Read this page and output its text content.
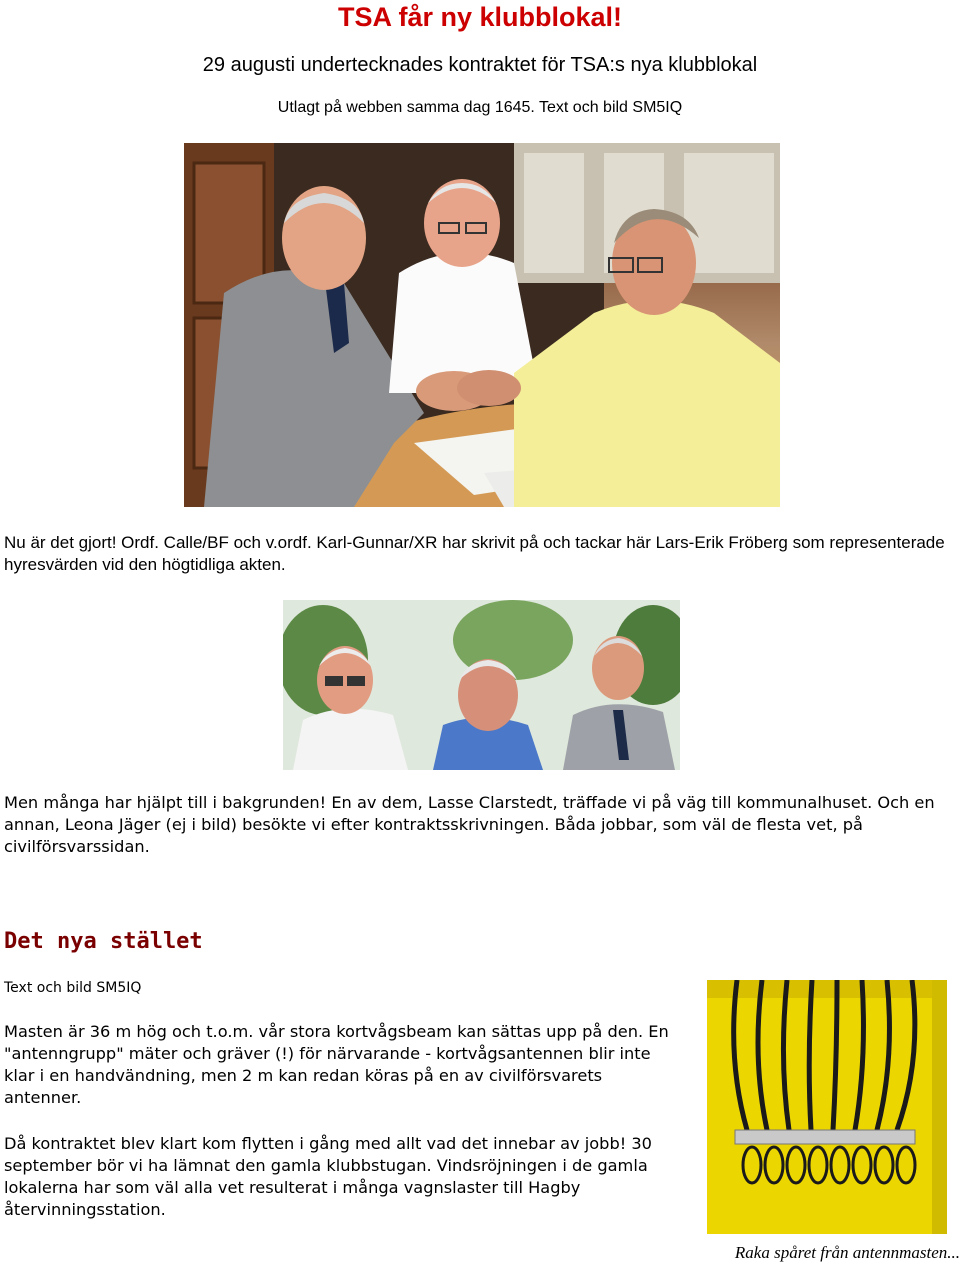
TSA får ny klubblokal!
29 augusti undertecknades kontraktet för TSA:s nya klubblokal
Utlagt på webben samma dag 1645. Text och bild SM5IQ
Nu är det gjort! Ordf. Calle/BF och v.ordf. Karl-Gunnar/XR har skrivit på och tackar här Lars-Erik Fröberg som representerade hyresvärden vid den högtidliga akten.
Men många har hjälpt till i bakgrunden! En av dem, Lasse Clarstedt, träffade vi på väg till kommunalhuset. Och en annan, Leona Jäger (ej i bild) besökte vi efter kontraktsskrivningen. Båda jobbar, som väl de flesta vet, på civilförsvarssidan.
Det nya stället
Text och bild SM5IQ
Masten är 36 m hög och t.o.m. vår stora kortvågsbeam kan sättas upp på den. En "antenngrupp" mäter och gräver (!) för närvarande - kortvågsantennen blir inte klar i en handvändning, men 2 m kan redan köras på en av civilförsvarets antenner.
Då kontraktet blev klart kom flytten i gång med allt vad det innebar av jobb! 30 september bör vi ha lämnat den gamla klubbstugan. Vindsröjningen i de gamla lokalerna har som väl alla vet resulterat i många vagnslaster till Hagby återvinningsstation.
Raka spåret från antennmasten...
